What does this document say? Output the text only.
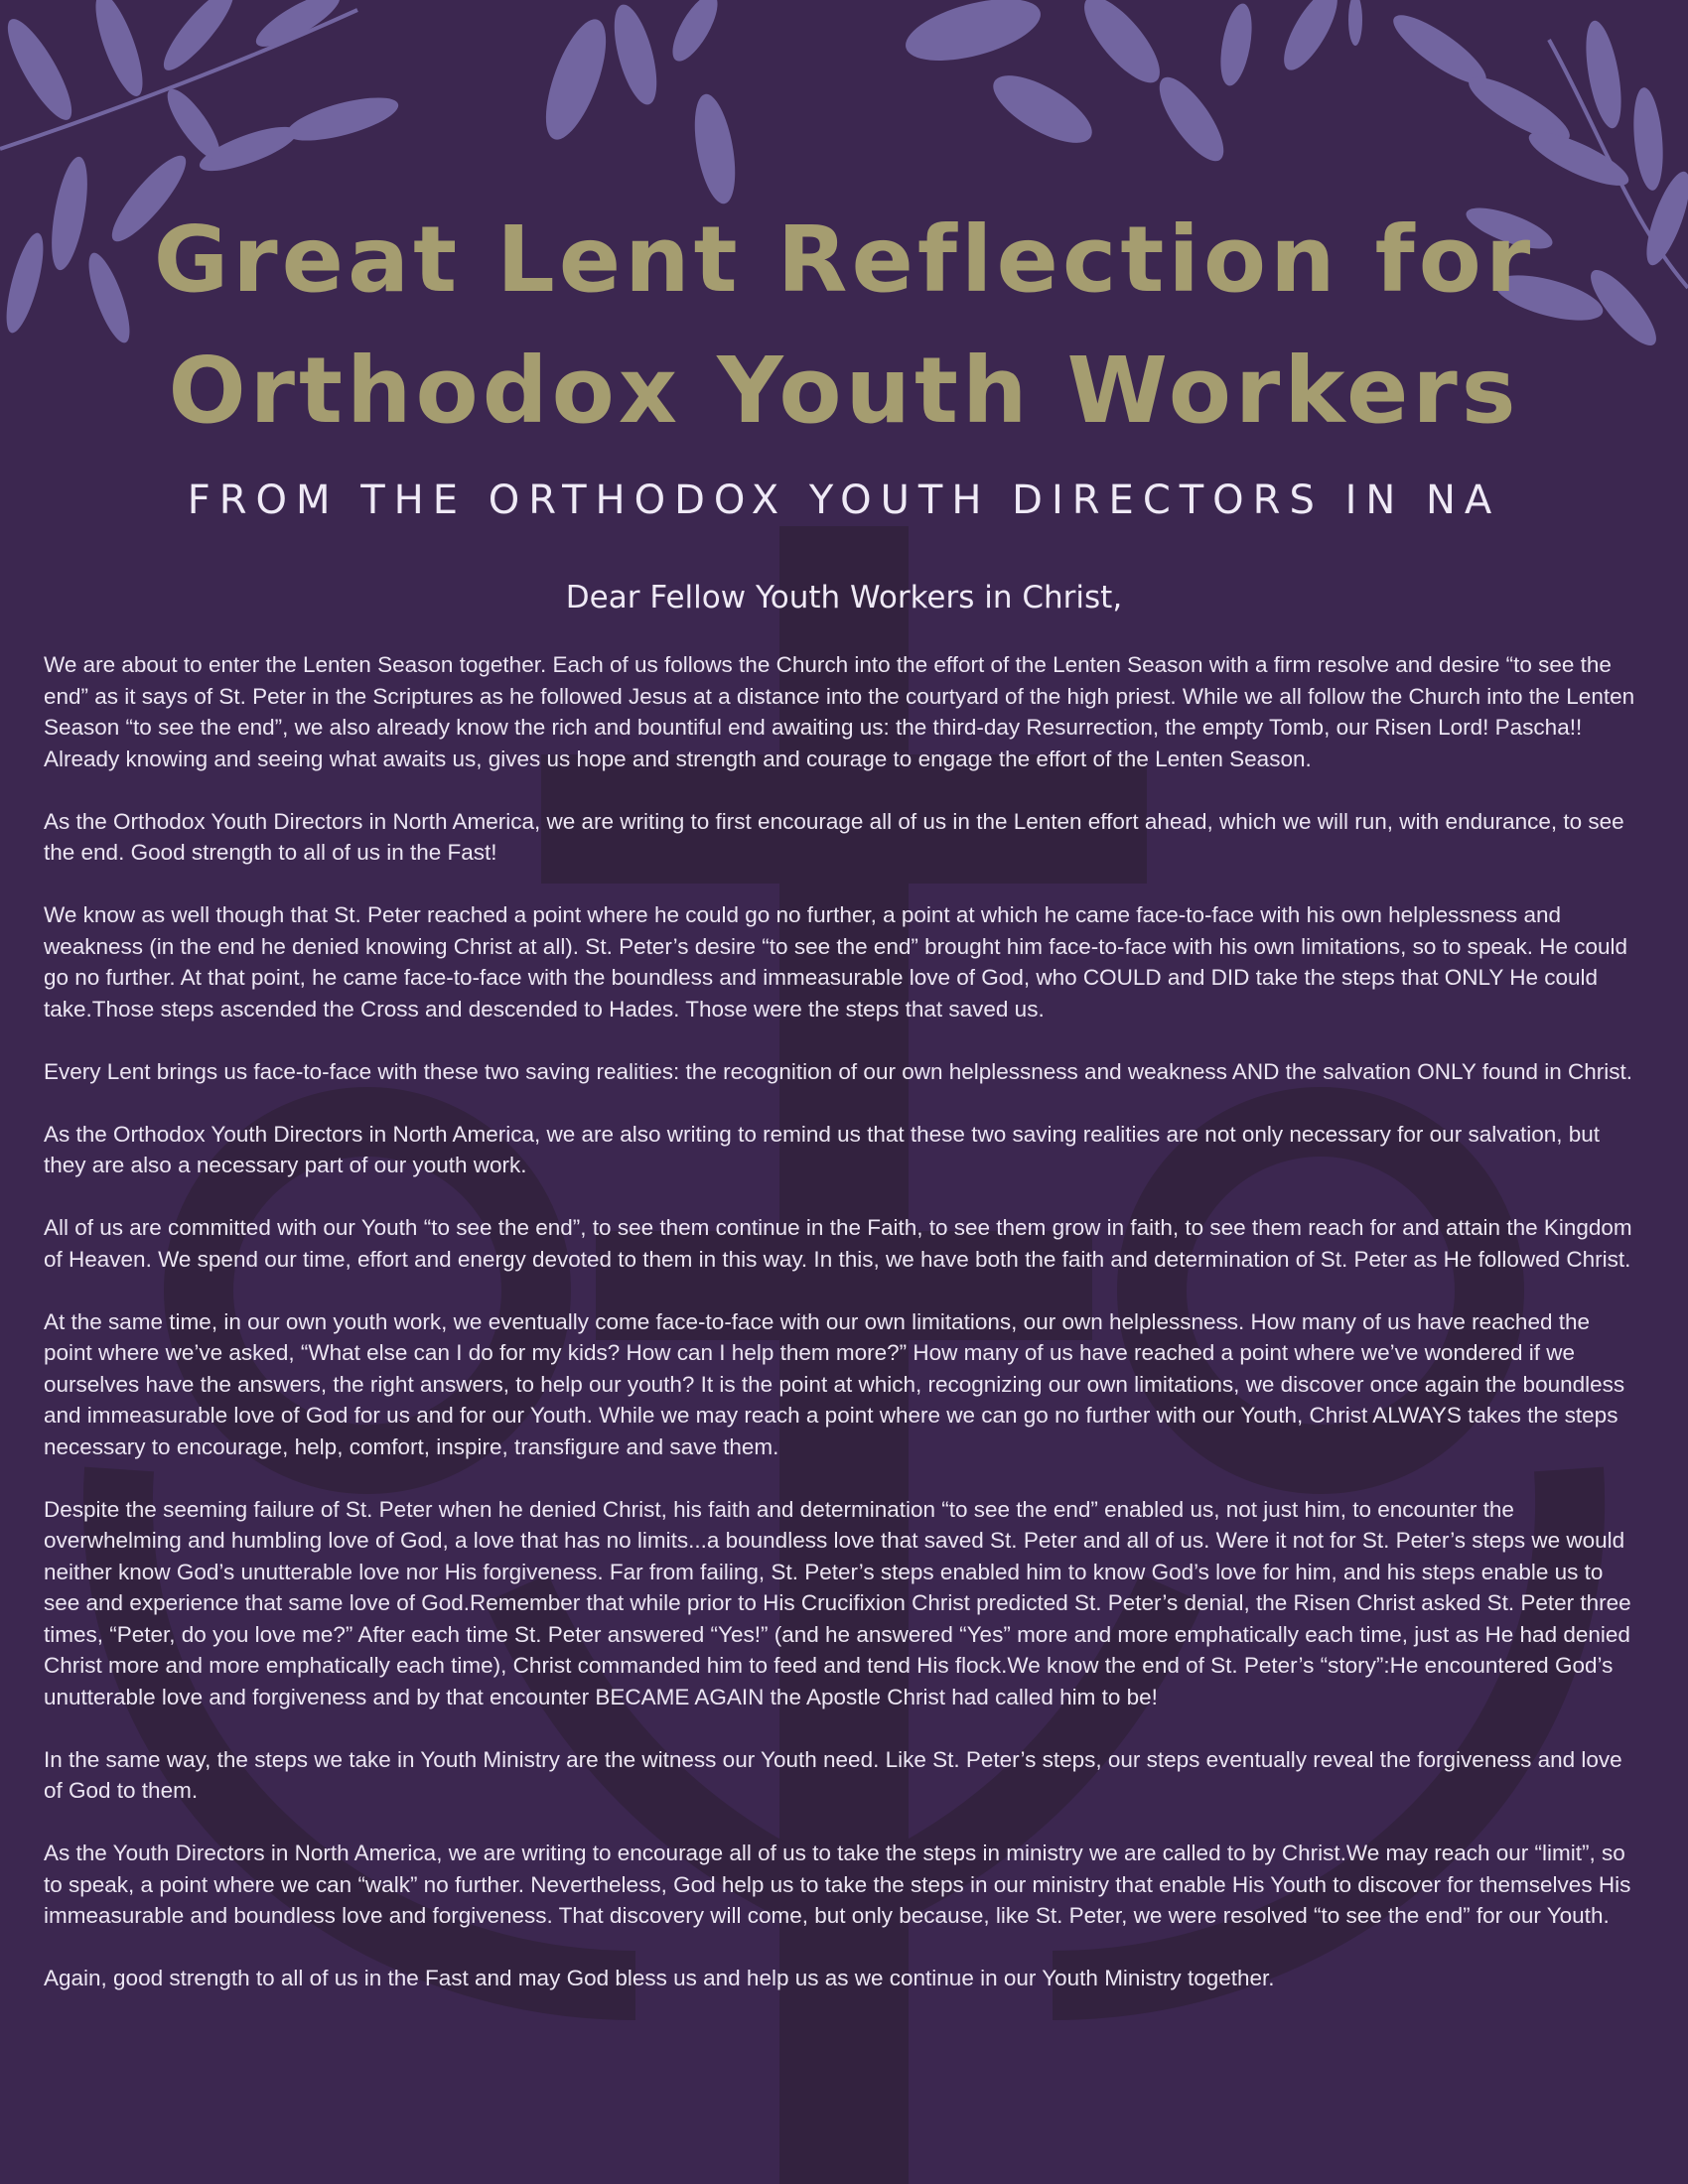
Great Lent Reflection for
Orthodox Youth Workers
FROM THE ORTHODOX YOUTH DIRECTORS IN NA
Dear Fellow Youth Workers in Christ,

We are about to enter the Lenten Season together. Each of us follows the Church into the effort of the Lenten Season with a firm resolve and desire “to see the end” as it says of St. Peter in the Scriptures as he followed Jesus at a distance into the courtyard of the high priest. While we all follow the Church into the Lenten Season “to see the end”, we also already know the rich and bountiful end awaiting us: the third-day Resurrection, the empty Tomb, our Risen Lord! Pascha!! Already knowing and seeing what awaits us, gives us hope and strength and courage to engage the effort of the Lenten Season.

As the Orthodox Youth Directors in North America, we are writing to first encourage all of us in the Lenten effort ahead, which we will run, with endurance, to see the end. Good strength to all of us in the Fast!

We know as well though that St. Peter reached a point where he could go no further, a point at which he came face-to-face with his own helplessness and weakness (in the end he denied knowing Christ at all). St. Peter’s desire “to see the end” brought him face-to-face with his own limitations, so to speak. He could go no further. At that point, he came face-to-face with the boundless and immeasurable love of God, who COULD and DID take the steps that ONLY He could take.Those steps ascended the Cross and descended to Hades. Those were the steps that saved us.

Every Lent brings us face-to-face with these two saving realities: the recognition of our own helplessness and weakness AND the salvation ONLY found in Christ.

As the Orthodox Youth Directors in North America, we are also writing to remind us that these two saving realities are not only necessary for our salvation, but they are also a necessary part of our youth work.

All of us are committed with our Youth “to see the end”, to see them continue in the Faith, to see them grow in faith, to see them reach for and attain the Kingdom of Heaven. We spend our time, effort and energy devoted to them in this way. In this, we have both the faith and determination of St. Peter as He followed Christ.

At the same time, in our own youth work, we eventually come face-to-face with our own limitations, our own helplessness. How many of us have reached the point where we’ve asked, “What else can I do for my kids? How can I help them more?” How many of us have reached a point where we’ve wondered if we ourselves have the answers, the right answers, to help our youth? It is the point at which, recognizing our own limitations, we discover once again the boundless and immeasurable love of God for us and for our Youth. While we may reach a point where we can go no further with our Youth, Christ ALWAYS takes the steps necessary to encourage, help, comfort, inspire, transfigure and save them.

Despite the seeming failure of St. Peter when he denied Christ, his faith and determination “to see the end” enabled us, not just him, to encounter the overwhelming and humbling love of God, a love that has no limits...a boundless love that saved St. Peter and all of us. Were it not for St. Peter’s steps we would neither know God’s unutterable love nor His forgiveness. Far from failing, St. Peter’s steps enabled him to know God’s love for him, and his steps enable us to see and experience that same love of God.Remember that while prior to His Crucifixion Christ predicted St. Peter’s denial, the Risen Christ asked St. Peter three times, “Peter, do you love me?” After each time St. Peter answered “Yes!” (and he answered “Yes” more and more emphatically each time, just as He had denied Christ more and more emphatically each time), Christ commanded him to feed and tend His flock.We know the end of St. Peter’s “story”:He encountered God’s unutterable love and forgiveness and by that encounter BECAME AGAIN the Apostle Christ had called him to be!

In the same way, the steps we take in Youth Ministry are the witness our Youth need. Like St. Peter’s steps, our steps eventually reveal the forgiveness and love of God to them.

As the Youth Directors in North America, we are writing to encourage all of us to take the steps in ministry we are called to by Christ.We may reach our “limit”, so to speak, a point where we can “walk” no further. Nevertheless, God help us to take the steps in our ministry that enable His Youth to discover for themselves His immeasurable and boundless love and forgiveness. That discovery will come, but only because, like St. Peter, we were resolved “to see the end” for our Youth.

Again, good strength to all of us in the Fast and may God bless us and help us as we continue in our Youth Ministry together.
